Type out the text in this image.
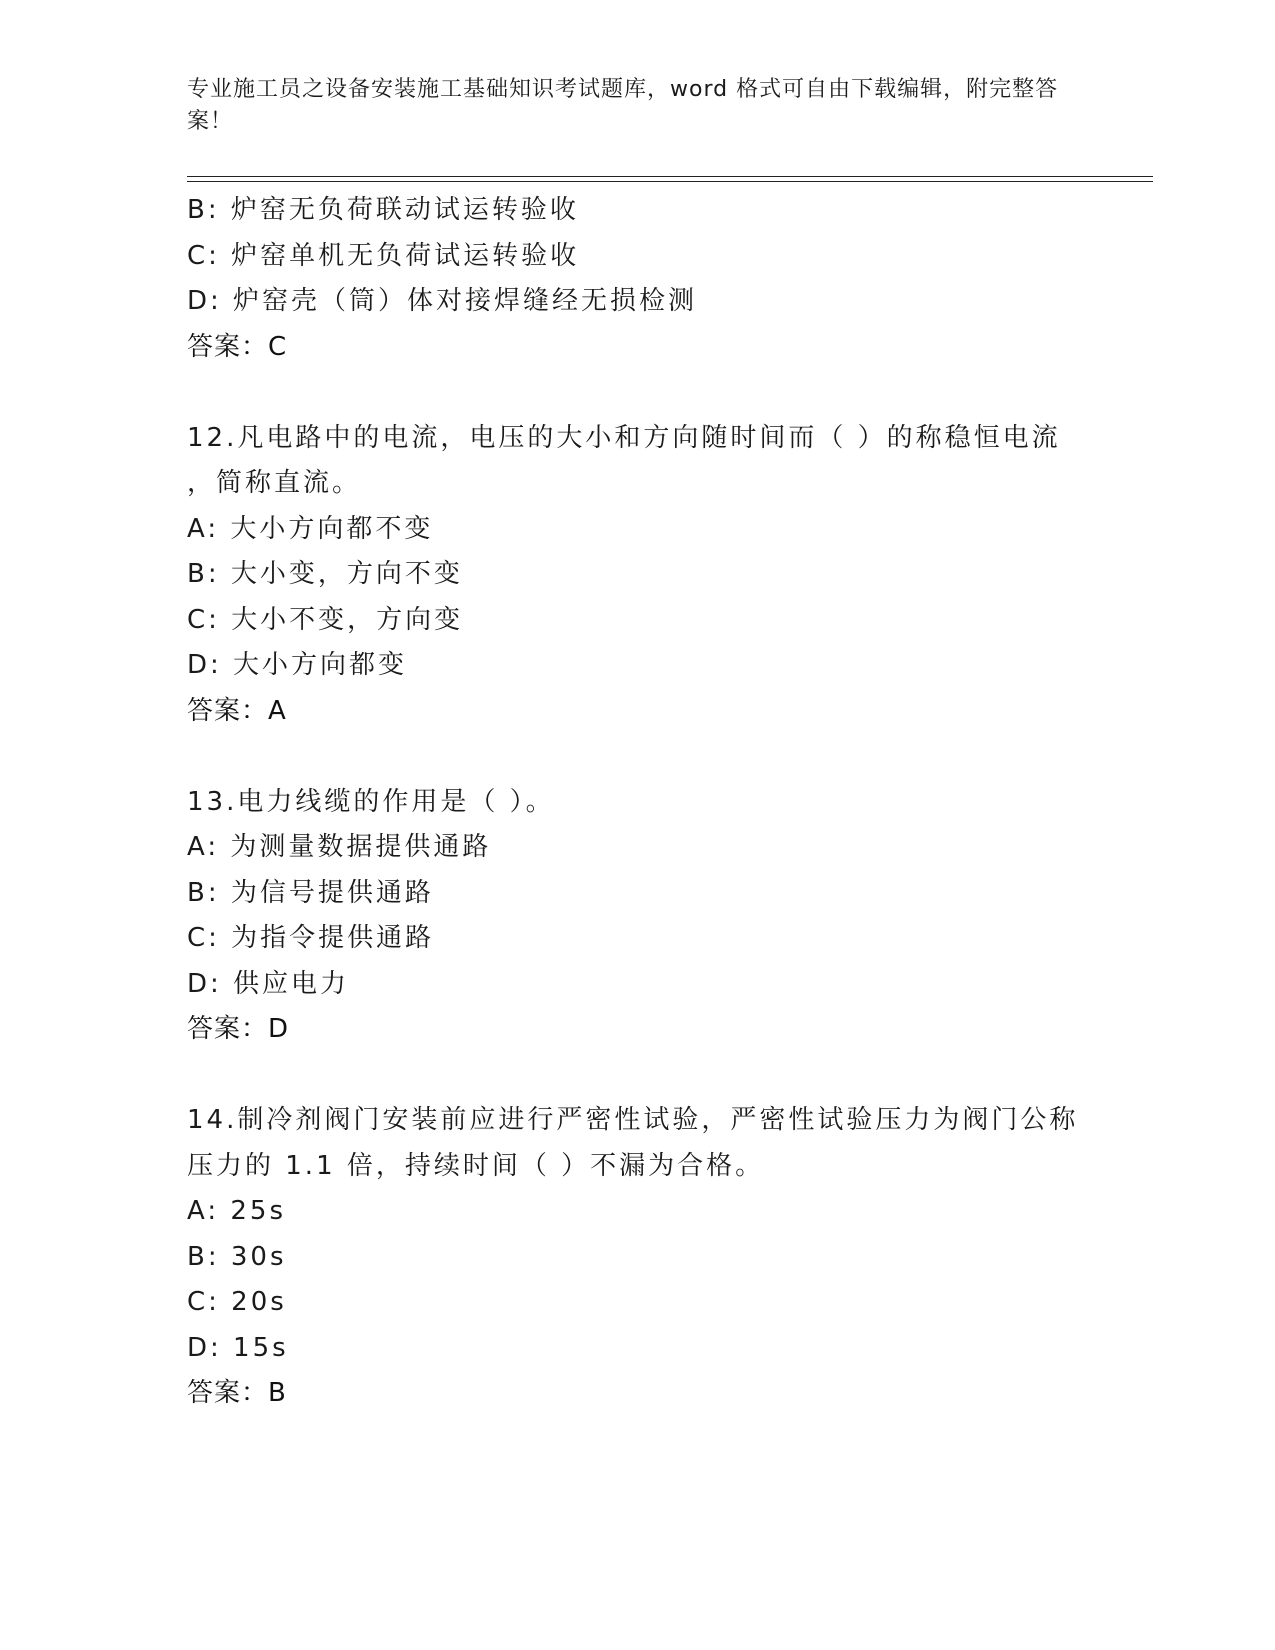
专业施工员之设备安装施工基础知识考试题库，word 格式可自由下载编辑，附完整答案！
B: 炉窑无负荷联动试运转验收
C: 炉窑单机无负荷试运转验收
D: 炉窑壳（筒）体对接焊缝经无损检测
答案：C
12.凡电路中的电流，电压的大小和方向随时间而（ ）的称稳恒电流
，简称直流。
A: 大小方向都不变
B: 大小变，方向不变
C: 大小不变，方向变
D: 大小方向都变
答案：A
13.电力线缆的作用是（ ）。
A: 为测量数据提供通路
B: 为信号提供通路
C: 为指令提供通路
D: 供应电力
答案：D
14.制冷剂阀门安装前应进行严密性试验，严密性试验压力为阀门公称
压力的 1.1 倍，持续时间（ ）不漏为合格。
A: 25s
B: 30s
C: 20s
D: 15s
答案：B
